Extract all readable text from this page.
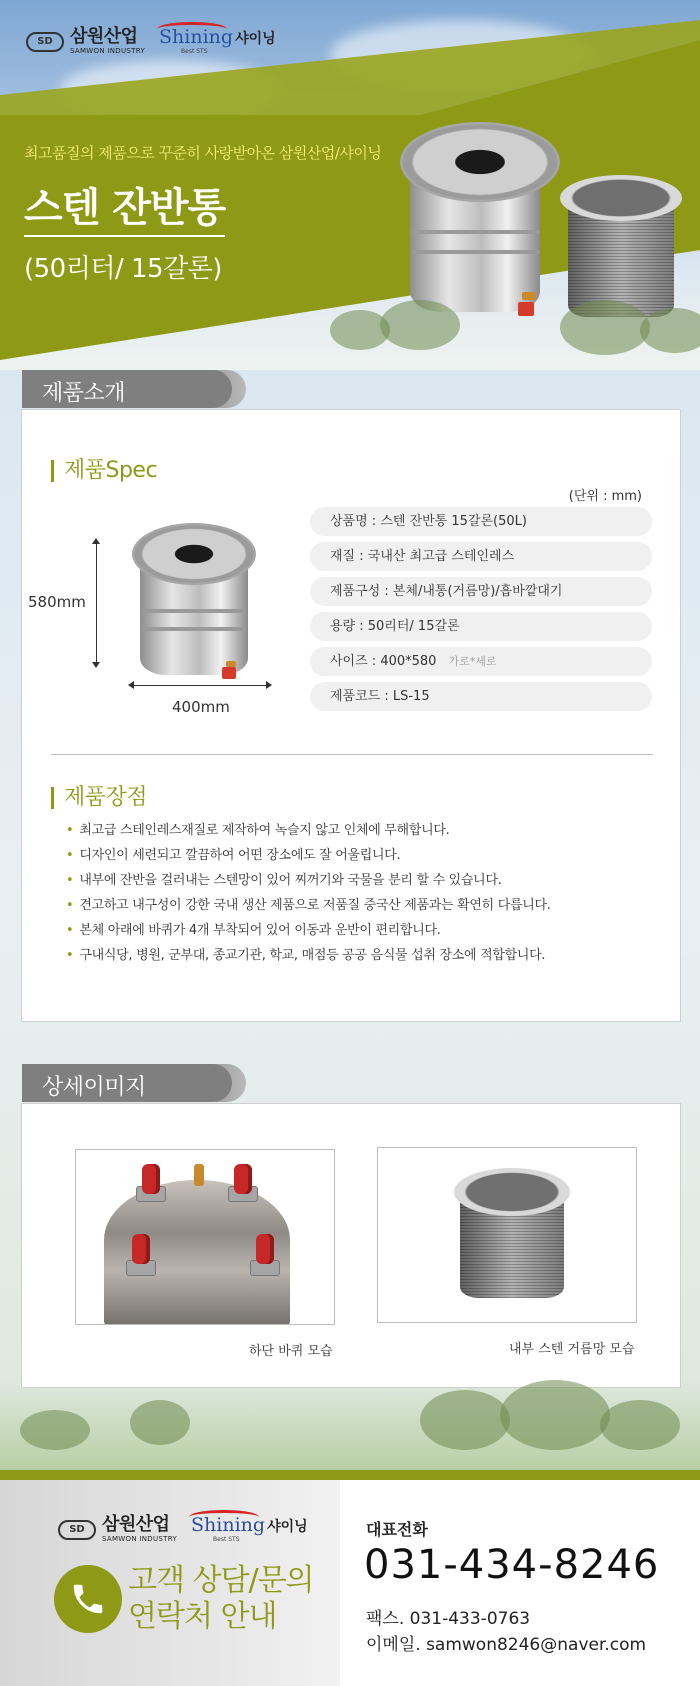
SD 삼원산업
SAMWON INDUSTRY
Shining 샤이닝
Best STS
최고품질의 제품으로 꾸준히 사랑받아온 삼원산업/샤이닝
스텐 잔반통
(50리터/ 15갈론)
제품소개
제품Spec
(단위 : mm)
580mm
400mm
상품명 : 스텐 잔반통 15갈론(50L)
재질 : 국내산 최고급 스테인레스
제품구성 : 본체/내통(거름망)/흡바깥대기
용량 : 50리터/ 15갈론
사이즈 : 400*580 가로*세로
제품코드 : LS-15
제품장점
• 최고급 스테인레스재질로 제작하여 녹슬지 않고 인체에 무해합니다.
• 디자인이 세련되고 깔끔하여 어떤 장소에도 잘 어울립니다.
• 내부에 잔반을 걸러내는 스텐망이 있어 찌꺼기와 국물을 분리 할 수 있습니다.
• 견고하고 내구성이 강한 국내 생산 제품으로 저품질 중국산 제품과는 확연히 다릅니다.
• 본체 아래에 바퀴가 4개 부착되어 있어 이동과 운반이 편리합니다.
• 구내식당, 병원, 군부대, 종교기관, 학교, 매점등 공공 음식물 섭취 장소에 적합합니다.
상세이미지
하단 바퀴 모습	내부 스텐 거름망 모습
SD 삼원산업
SAMWON INDUSTRY
Shining 샤이닝
Best STS
고객 상담/문의
연락처 안내
대표전화
031-434-8246
팩스. 031-433-0763
이메일. samwon8246@naver.com
